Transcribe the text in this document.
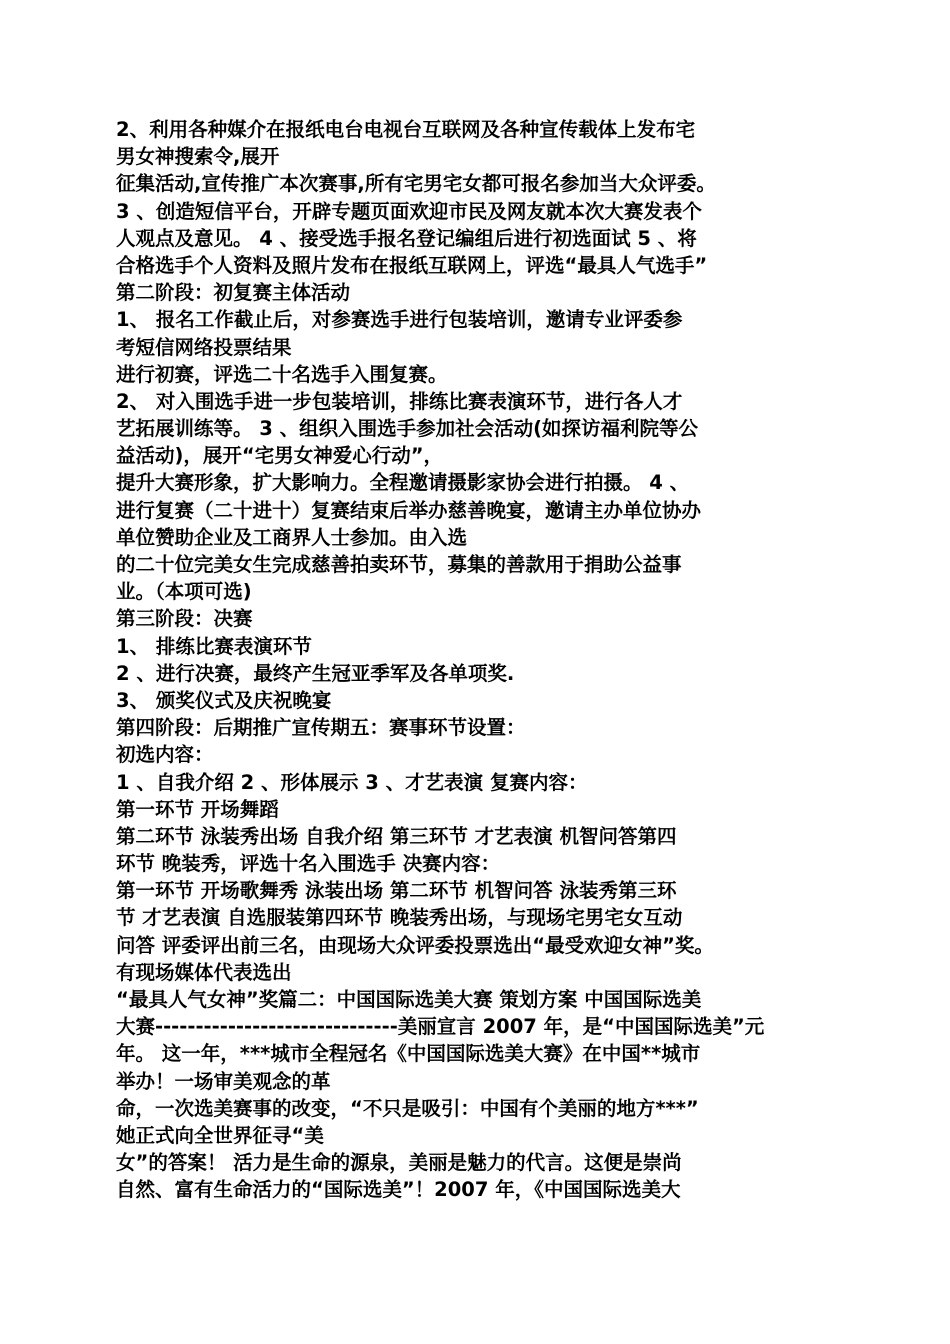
2、利用各种媒介在报纸电台电视台互联网及各种宣传载体上发布宅
男女神搜索令,展开
征集活动,宣传推广本次赛事,所有宅男宅女都可报名参加当大众评委。
3 、创造短信平台，开辟专题页面欢迎市民及网友就本次大赛发表个
人观点及意见。 4 、接受选手报名登记编组后进行初选面试 5 、将
合格选手个人资料及照片发布在报纸互联网上，评选“最具人气选手”
第二阶段：初复赛主体活动
1、 报名工作截止后，对参赛选手进行包装培训，邀请专业评委参
考短信网络投票结果
进行初赛，评选二十名选手入围复赛。
2、 对入围选手进一步包装培训，排练比赛表演环节，进行各人才
艺拓展训练等。 3 、组织入围选手参加社会活动(如探访福利院等公
益活动)，展开“宅男女神爱心行动”，
提升大赛形象，扩大影响力。全程邀请摄影家协会进行拍摄。 4 、
进行复赛（二十进十）复赛结束后举办慈善晚宴，邀请主办单位协办
单位赞助企业及工商界人士参加。由入选
的二十位完美女生完成慈善拍卖环节，募集的善款用于捐助公益事
业。（本项可选)
第三阶段：决赛
1、 排练比赛表演环节
2 、进行决赛，最终产生冠亚季军及各单项奖.
3、 颁奖仪式及庆祝晚宴
第四阶段：后期推广宣传期五：赛事环节设置：
初选内容：
1 、自我介绍 2 、形体展示 3 、才艺表演 复赛内容：
第一环节 开场舞蹈
第二环节 泳装秀出场 自我介绍 第三环节 才艺表演 机智问答第四
环节 晚装秀，评选十名入围选手 决赛内容：
第一环节 开场歌舞秀 泳装出场 第二环节 机智问答 泳装秀第三环
节 才艺表演 自选服装第四环节 晚装秀出场，与现场宅男宅女互动
问答 评委评出前三名，由现场大众评委投票选出“最受欢迎女神”奖。
有现场媒体代表选出
“最具人气女神”奖篇二：中国国际选美大赛 策划方案 中国国际选美
大赛------------------------------美丽宣言 2007 年，是“中国国际选美”元
年。 这一年，***城市全程冠名《中国国际选美大赛》在中国**城市
举办！一场审美观念的革
命，一次选美赛事的改变，“不只是吸引：中国有个美丽的地方***”
她正式向全世界征寻“美
女”的答案！ 活力是生命的源泉，美丽是魅力的代言。这便是崇尚
自然、富有生命活力的“国际选美”！2007 年，《中国国际选美大
